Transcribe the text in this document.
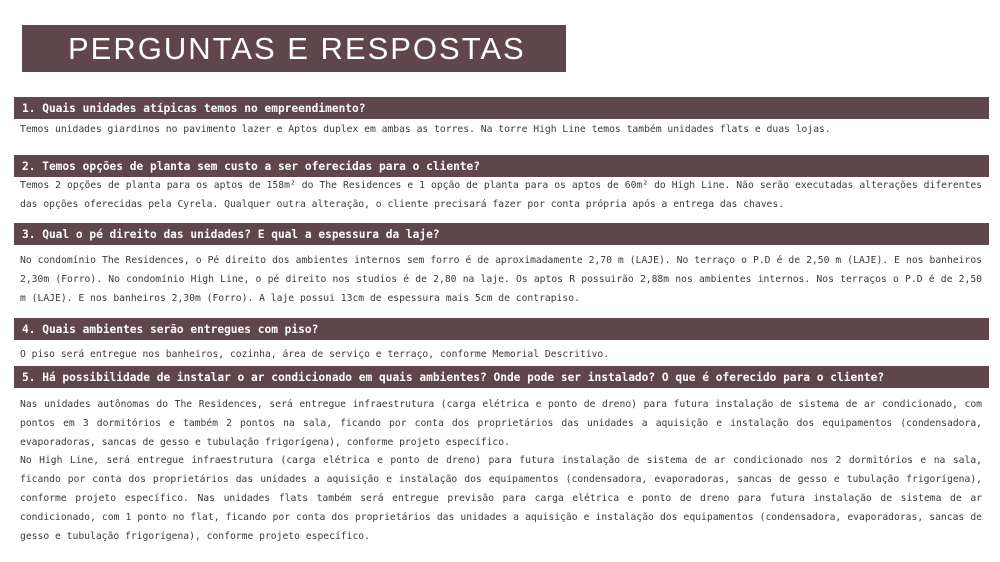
PERGUNTAS E RESPOSTAS
1. Quais unidades atípicas temos no empreendimento?

Temos unidades giardinos no pavimento lazer e Aptos duplex em ambas as torres. Na torre High Line temos também unidades flats e duas lojas.

2. Temos opções de planta sem custo a ser oferecidas para o cliente?

Temos 2 opções de planta para os aptos de 158m² do The Residences e 1 opção de planta para os aptos de 60m² do High Line. Não serão executadas alterações diferentes das opções oferecidas pela Cyrela. Qualquer outra alteração, o cliente precisará fazer por conta própria após a entrega das chaves.

3. Qual o pé direito das unidades? E qual a espessura da laje?

No condomínio The Residences, o Pé direito dos ambientes internos sem forro é de aproximadamente 2,70 m (LAJE). No terraço o P.D é de 2,50 m (LAJE). E nos banheiros 2,30m (Forro). No condomínio High Line, o pé direito nos studios é de 2,80 na laje. Os aptos R possuirão 2,88m nos ambientes internos. Nos terraços o P.D é de 2,50 m (LAJE). E nos banheiros 2,30m (Forro). A laje possui 13cm de espessura mais 5cm de contrapiso.

4. Quais ambientes serão entregues com piso?

O piso será entregue nos banheiros, cozinha, área de serviço e terraço, conforme Memorial Descritivo.

5. Há possibilidade de instalar o ar condicionado em quais ambientes? Onde pode ser instalado? O que é oferecido para o cliente?

Nas unidades autônomas do The Residences, será entregue infraestrutura (carga elétrica e ponto de dreno) para futura instalação de sistema de ar condicionado, com pontos em 3 dormitórios e também 2 pontos na sala, ficando por conta dos proprietários das unidades a aquisição e instalação dos equipamentos (condensadora, evaporadoras, sancas de gesso e tubulação frigorígena), conforme projeto específico.

No High Line, será entregue infraestrutura (carga elétrica e ponto de dreno) para futura instalação de sistema de ar condicionado nos 2 dormitórios e na sala, ficando por conta dos proprietários das unidades a aquisição e instalação dos equipamentos (condensadora, evaporadoras, sancas de gesso e tubulação frigorígena), conforme projeto específico. Nas unidades flats também será entregue previsão para carga elétrica e ponto de dreno para futura instalação de sistema de ar condicionado, com 1 ponto no flat, ficando por conta dos proprietários das unidades a aquisição e instalação dos equipamentos (condensadora, evaporadoras, sancas de gesso e tubulação frigorígena), conforme projeto específico.
